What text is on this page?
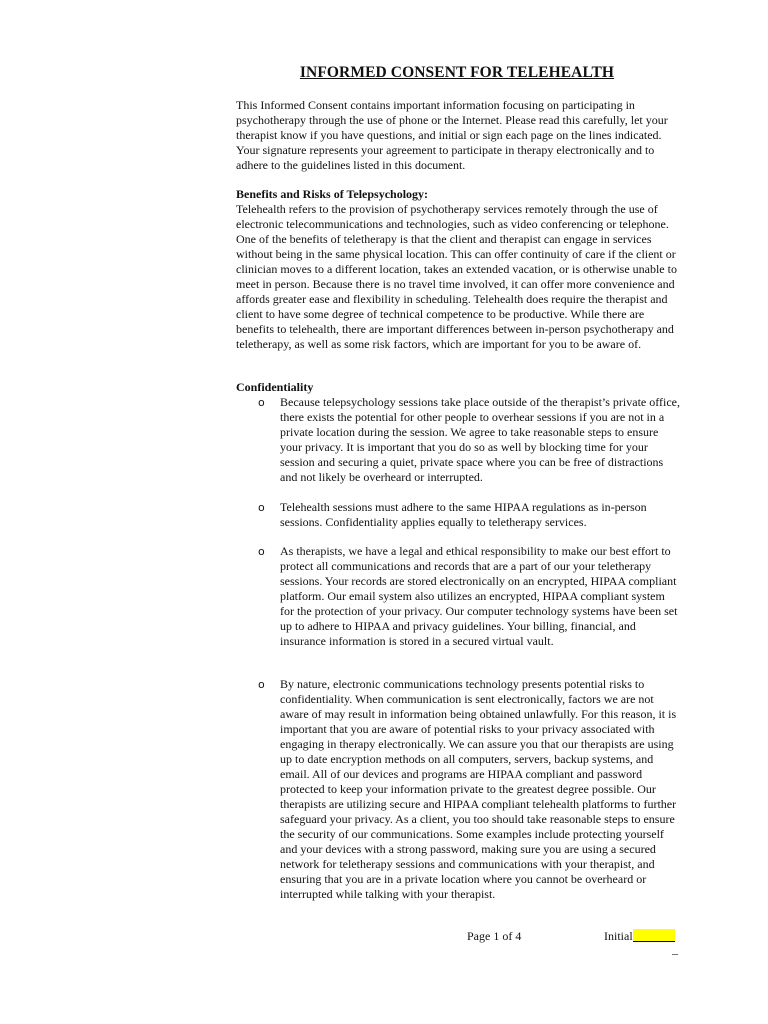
INFORMED CONSENT FOR TELEHEALTH

This Informed Consent contains important information focusing on participating in psychotherapy through the use of phone or the Internet. Please read this carefully, let your therapist know if you have questions, and initial or sign each page on the lines indicated. Your signature represents your agreement to participate in therapy electronically and to adhere to the guidelines listed in this document.

Benefits and Risks of Telepsychology:
Telehealth refers to the provision of psychotherapy services remotely through the use of electronic telecommunications and technologies, such as video conferencing or telephone. One of the benefits of teletherapy is that the client and therapist can engage in services without being in the same physical location. This can offer continuity of care if the client or clinician moves to a different location, takes an extended vacation, or is otherwise unable to meet in person. Because there is no travel time involved, it can offer more convenience and affords greater ease and flexibility in scheduling. Telehealth does require the therapist and client to have some degree of technical competence to be productive. While there are benefits to telehealth, there are important differences between in-person psychotherapy and teletherapy, as well as some risk factors, which are important for you to be aware of.
Confidentiality
o Because telepsychology sessions take place outside of the therapist’s private office, there exists the potential for other people to overhear sessions if you are not in a private location during the session. We agree to take reasonable steps to ensure your privacy. It is important that you do so as well by blocking time for your session and securing a quiet, private space where you can be free of distractions and not likely be overheard or interrupted.
o Telehealth sessions must adhere to the same HIPAA regulations as in-person sessions. Confidentiality applies equally to teletherapy services.
o As therapists, we have a legal and ethical responsibility to make our best effort to protect all communications and records that are a part of our your teletherapy sessions. Your records are stored electronically on an encrypted, HIPAA compliant platform. Our email system also utilizes an encrypted, HIPAA compliant system for the protection of your privacy. Our computer technology systems have been set up to adhere to HIPAA and privacy guidelines. Your billing, financial, and insurance information is stored in a secured virtual vault.
o By nature, electronic communications technology presents potential risks to confidentiality. When communication is sent electronically, factors we are not aware of may result in information being obtained unlawfully. For this reason, it is important that you are aware of potential risks to your privacy associated with engaging in therapy electronically. We can assure you that our therapists are using up to date encryption methods on all computers, servers, backup systems, and email. All of our devices and programs are HIPAA compliant and password protected to keep your information private to the greatest degree possible. Our therapists are utilizing secure and HIPAA compliant telehealth platforms to further safeguard your privacy. As a client, you too should take reasonable steps to ensure the security of our communications. Some examples include protecting yourself and your devices with a strong password, making sure you are using a secured network for teletherapy sessions and communications with your therapist, and ensuring that you are in a private location where you cannot be overheard or interrupted while talking with your therapist.
Page 1 of 4	Initial
–
